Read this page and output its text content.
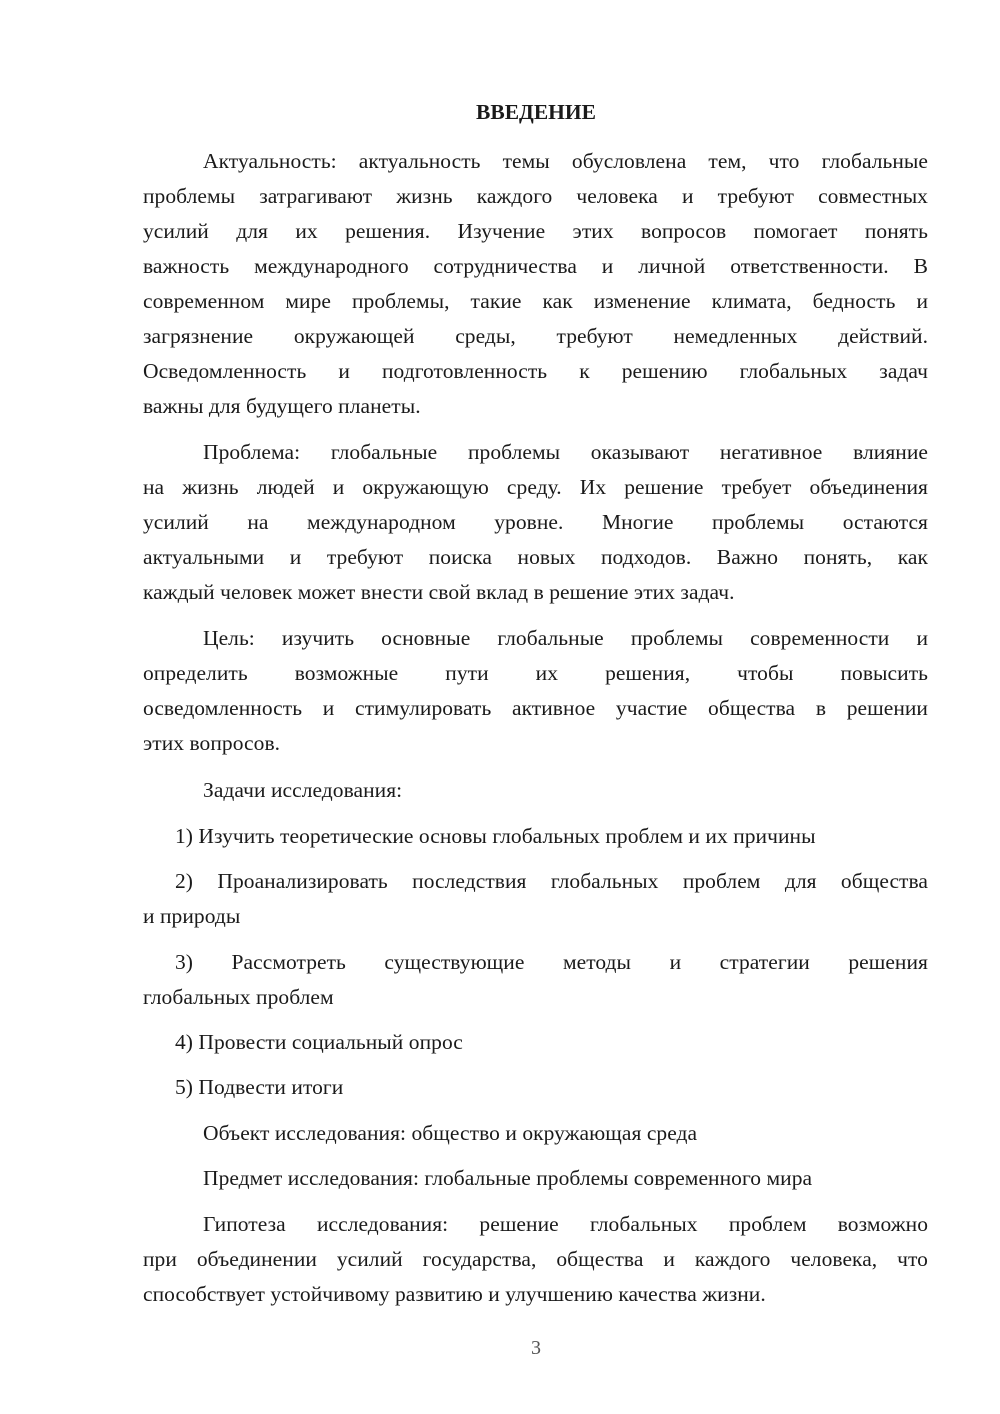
ВВЕДЕНИЕ
Актуальность: актуальность темы обусловлена тем, что глобальные
проблемы затрагивают жизнь каждого человека и требуют совместных
усилий для их решения. Изучение этих вопросов помогает понять
важность международного сотрудничества и личной ответственности. В
современном мире проблемы, такие как изменение климата, бедность и
загрязнение окружающей среды, требуют немедленных действий.
Осведомленность и подготовленность к решению глобальных задач
важны для будущего планеты.
Проблема: глобальные проблемы оказывают негативное влияние
на жизнь людей и окружающую среду. Их решение требует объединения
усилий на международном уровне. Многие проблемы остаются
актуальными и требуют поиска новых подходов. Важно понять, как
каждый человек может внести свой вклад в решение этих задач.
Цель: изучить основные глобальные проблемы современности и
определить возможные пути их решения, чтобы повысить
осведомленность и стимулировать активное участие общества в решении
этих вопросов.
Задачи исследования:
1) Изучить теоретические основы глобальных проблем и их причины
2) Проанализировать последствия глобальных проблем для общества
и природы
3) Рассмотреть существующие методы и стратегии решения
глобальных проблем
4) Провести социальный опрос
5) Подвести итоги
Объект исследования: общество и окружающая среда
Предмет исследования: глобальные проблемы современного мира
Гипотеза исследования: решение глобальных проблем возможно
при объединении усилий государства, общества и каждого человека, что
способствует устойчивому развитию и улучшению качества жизни.
3
